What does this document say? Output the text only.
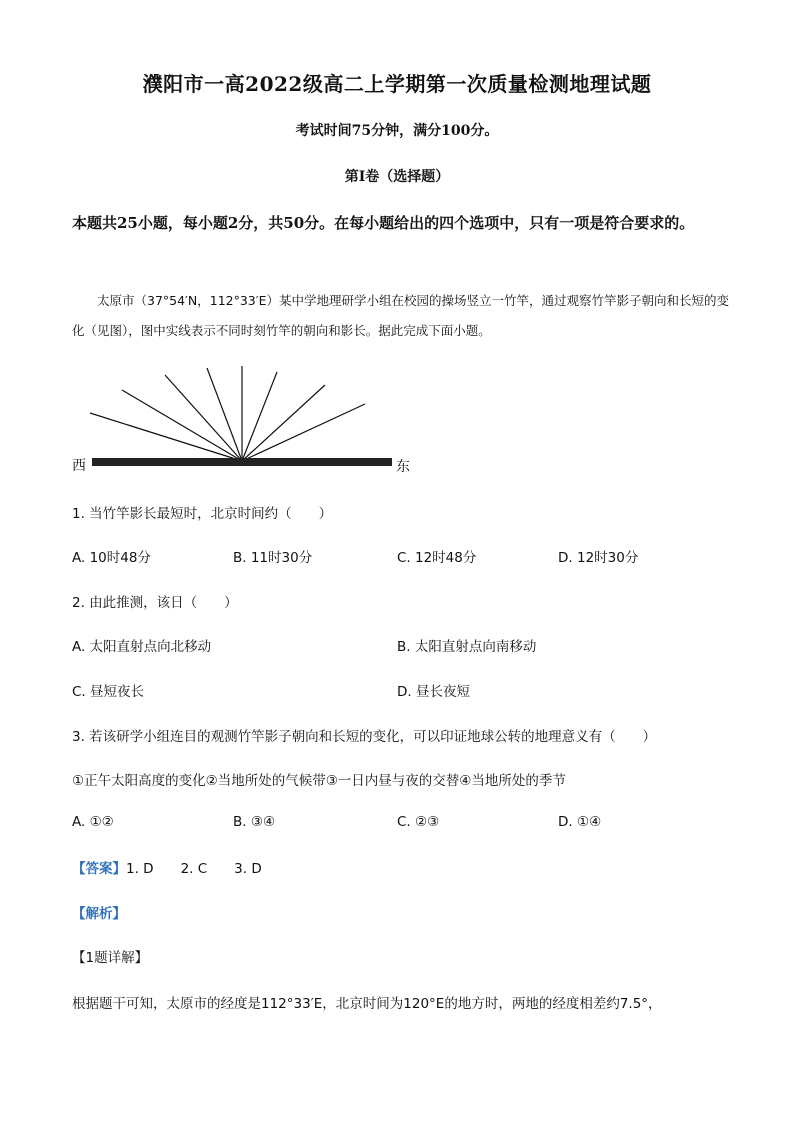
濮阳市一高2022级高二上学期第一次质量检测地理试题
考试时间75分钟，满分100分。
第Ⅰ卷（选择题）
本题共25小题，每小题2分，共50分。在每小题给出的四个选项中，只有一项是符合要求的。
太原市（37°54′N，112°33′E）某中学地理研学小组在校园的操场竖立一竹竿，通过观察竹竿影子朝向和长短的变化（见图），图中实线表示不同时刻竹竿的朝向和影长。据此完成下面小题。
西	东
1. 当竹竿影长最短时，北京时间约（　　）
A. 10时48分	B. 11时30分	C. 12时48分	D. 12时30分
2. 由此推测，该日（　　）
A. 太阳直射点向北移动	B. 太阳直射点向南移动
C. 昼短夜长	D. 昼长夜短
3. 若该研学小组连目的观测竹竿影子朝向和长短的变化，可以印证地球公转的地理意义有（　　）
①正午太阳高度的变化②当地所处的气候带③一日内昼与夜的交替④当地所处的季节
A. ①②	B. ③④	C. ②③	D. ①④
【答案】1. D　　2. C　　3. D
【解析】
【1题详解】
根据题干可知，太原市的经度是112°33′E，北京时间为120°E的地方时，两地的经度相差约7.5°，
